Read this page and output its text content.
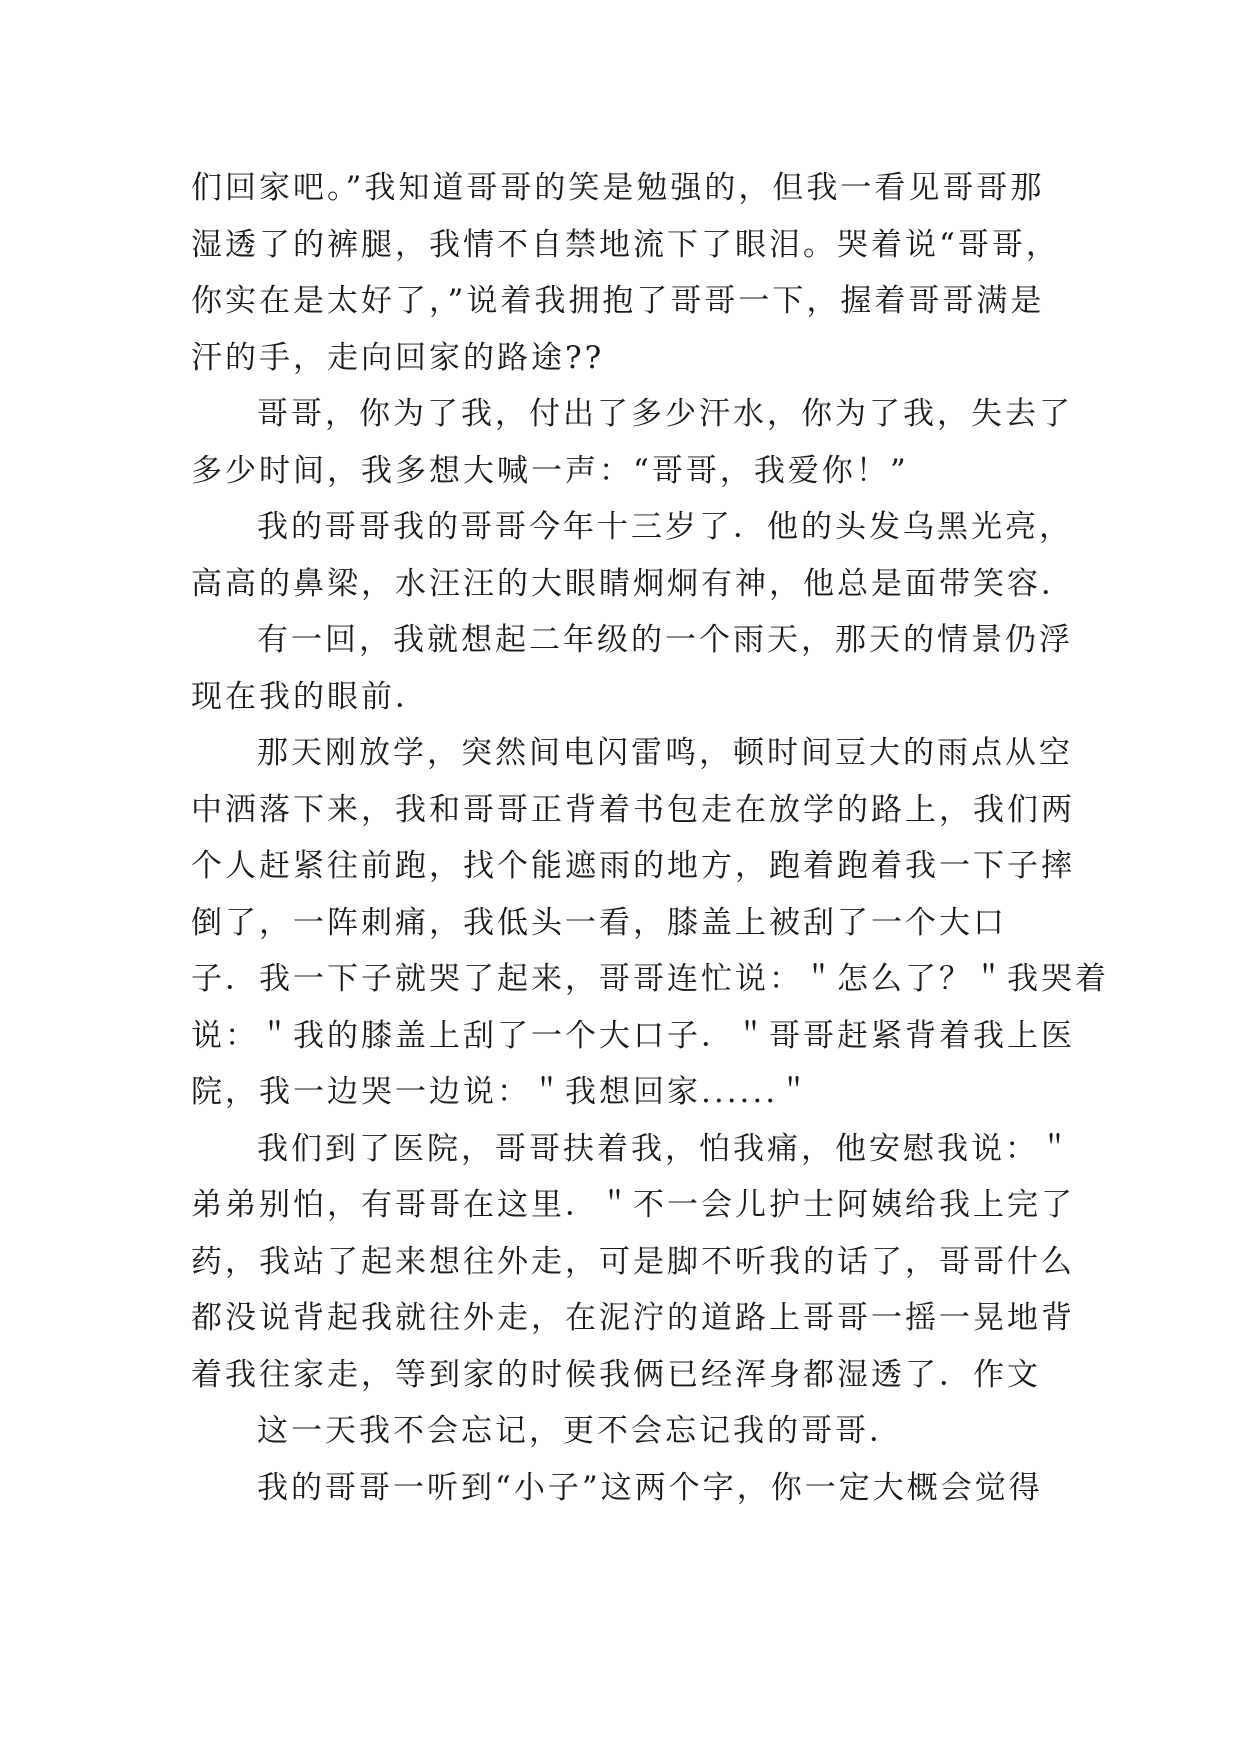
们回家吧。”我知道哥哥的笑是勉强的，但我一看见哥哥那
湿透了的裤腿，我情不自禁地流下了眼泪。哭着说“哥哥，
你实在是太好了，”说着我拥抱了哥哥一下，握着哥哥满是
汗的手，走向回家的路途??
哥哥，你为了我，付出了多少汗水，你为了我，失去了
多少时间，我多想大喊一声：“哥哥，我爱你！”
我的哥哥我的哥哥今年十三岁了．他的头发乌黑光亮，
高高的鼻梁，水汪汪的大眼睛炯炯有神，他总是面带笑容．
有一回，我就想起二年级的一个雨天，那天的情景仍浮
现在我的眼前．
那天刚放学，突然间电闪雷鸣，顿时间豆大的雨点从空
中洒落下来，我和哥哥正背着书包走在放学的路上，我们两
个人赶紧往前跑，找个能遮雨的地方，跑着跑着我一下子摔
倒了，一阵刺痛，我低头一看，膝盖上被刮了一个大口
子．我一下子就哭了起来，哥哥连忙说：＂怎么了？＂我哭着
说：＂我的膝盖上刮了一个大口子．＂哥哥赶紧背着我上医
院，我一边哭一边说：＂我想回家......＂
我们到了医院，哥哥扶着我，怕我痛，他安慰我说：＂
弟弟别怕，有哥哥在这里．＂不一会儿护士阿姨给我上完了
药，我站了起来想往外走，可是脚不听我的话了，哥哥什么
都没说背起我就往外走，在泥泞的道路上哥哥一摇一晃地背
着我往家走，等到家的时候我俩已经浑身都湿透了．作文
这一天我不会忘记，更不会忘记我的哥哥．
我的哥哥一听到“小子”这两个字，你一定大概会觉得
